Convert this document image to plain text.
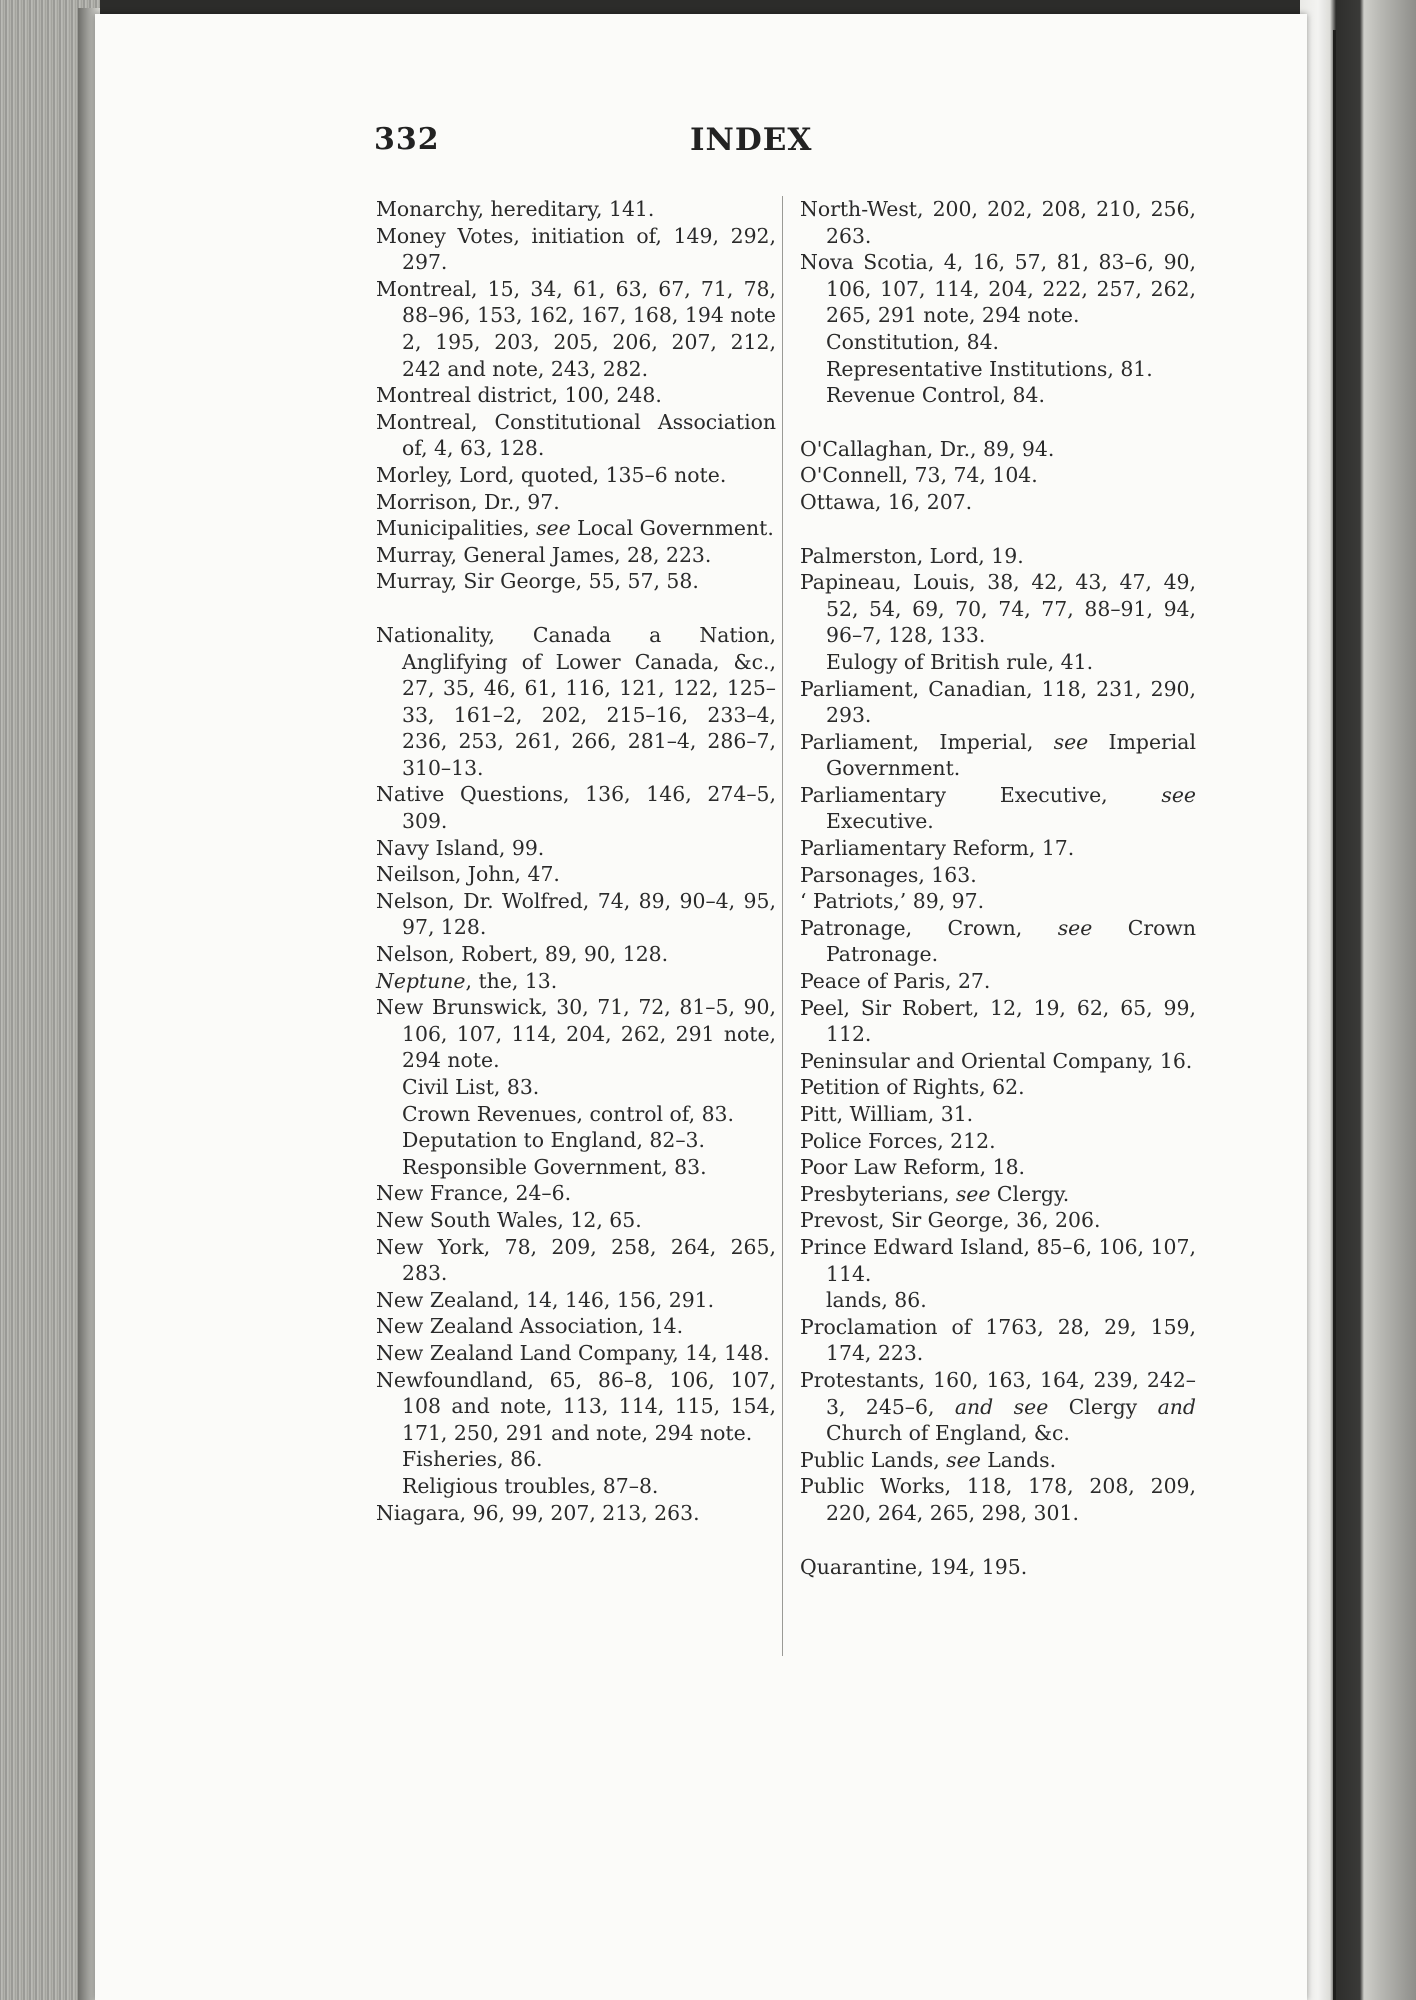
332	INDEX
Monarchy, hereditary, 141.
Money Votes, initiation of, 149, 292, 297.
Montreal, 15, 34, 61, 63, 67, 71, 78, 88–96, 153, 162, 167, 168, 194 note 2, 195, 203, 205, 206, 207, 212, 242 and note, 243, 282.
Montreal district, 100, 248.
Montreal, Constitutional Association of, 4, 63, 128.
Morley, Lord, quoted, 135–6 note.
Morrison, Dr., 97.
Municipalities, see Local Government.
Murray, General James, 28, 223.
Murray, Sir George, 55, 57, 58.
Nationality, Canada a Nation, Anglifying of Lower Canada, &c., 27, 35, 46, 61, 116, 121, 122, 125–33, 161–2, 202, 215–16, 233–4, 236, 253, 261, 266, 281–4, 286–7, 310–13.
Native Questions, 136, 146, 274–5, 309.
Navy Island, 99.
Neilson, John, 47.
Nelson, Dr. Wolfred, 74, 89, 90–4, 95, 97, 128.
Nelson, Robert, 89, 90, 128.
Neptune, the, 13.
New Brunswick, 30, 71, 72, 81–5, 90, 106, 107, 114, 204, 262, 291 note, 294 note.
Civil List, 83.
Crown Revenues, control of, 83.
Deputation to England, 82–3.
Responsible Government, 83.
New France, 24–6.
New South Wales, 12, 65.
New York, 78, 209, 258, 264, 265, 283.
New Zealand, 14, 146, 156, 291.
New Zealand Association, 14.
New Zealand Land Company, 14, 148.
Newfoundland, 65, 86–8, 106, 107, 108 and note, 113, 114, 115, 154, 171, 250, 291 and note, 294 note.
Fisheries, 86.
Religious troubles, 87–8.
Niagara, 96, 99, 207, 213, 263.
North-West, 200, 202, 208, 210, 256, 263.
Nova Scotia, 4, 16, 57, 81, 83–6, 90, 106, 107, 114, 204, 222, 257, 262, 265, 291 note, 294 note.
Constitution, 84.
Representative Institutions, 81.
Revenue Control, 84.
O'Callaghan, Dr., 89, 94.
O'Connell, 73, 74, 104.
Ottawa, 16, 207.
Palmerston, Lord, 19.
Papineau, Louis, 38, 42, 43, 47, 49, 52, 54, 69, 70, 74, 77, 88–91, 94, 96–7, 128, 133.
Eulogy of British rule, 41.
Parliament, Canadian, 118, 231, 290, 293.
Parliament, Imperial, see Imperial Government.
Parliamentary Executive, see Executive.
Parliamentary Reform, 17.
Parsonages, 163.
‘ Patriots,’ 89, 97.
Patronage, Crown, see Crown Patronage.
Peace of Paris, 27.
Peel, Sir Robert, 12, 19, 62, 65, 99, 112.
Peninsular and Oriental Company, 16.
Petition of Rights, 62.
Pitt, William, 31.
Police Forces, 212.
Poor Law Reform, 18.
Presbyterians, see Clergy.
Prevost, Sir George, 36, 206.
Prince Edward Island, 85–6, 106, 107, 114.
lands, 86.
Proclamation of 1763, 28, 29, 159, 174, 223.
Protestants, 160, 163, 164, 239, 242–3, 245–6, and see Clergy and Church of England, &c.
Public Lands, see Lands.
Public Works, 118, 178, 208, 209, 220, 264, 265, 298, 301.
Quarantine, 194, 195.
